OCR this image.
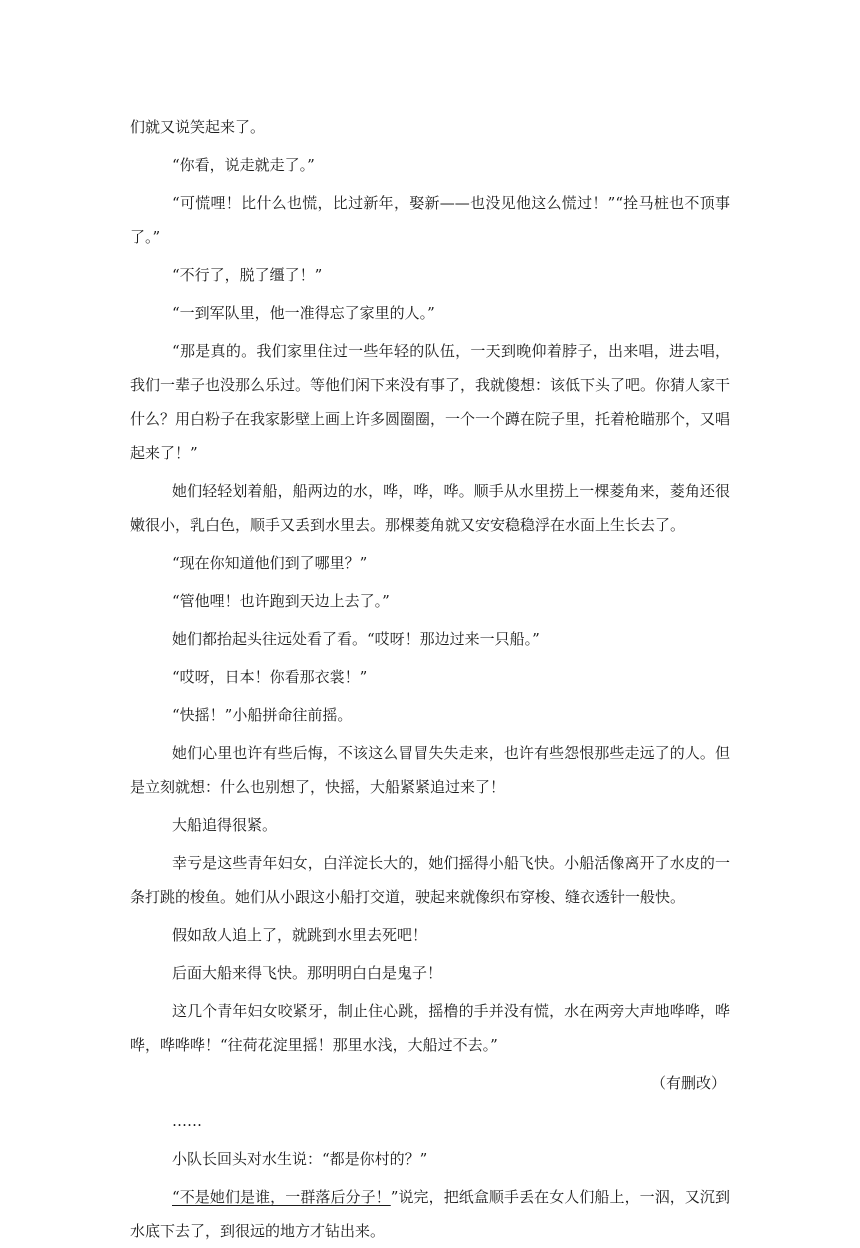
们就又说笑起来了。

“你看，说走就走了。”

“可慌哩！比什么也慌，比过新年，娶新——也没见他这么慌过！”“拴马桩也不顶事了。”

“不行了，脱了缰了！”

“一到军队里，他一准得忘了家里的人。”

“那是真的。我们家里住过一些年轻的队伍，一天到晚仰着脖子，出来唱，进去唱，我们一辈子也没那么乐过。等他们闲下来没有事了，我就傻想：该低下头了吧。你猜人家干什么？用白粉子在我家影壁上画上许多圆圈圈，一个一个蹲在院子里，托着枪瞄那个，又唱起来了！”

她们轻轻划着船，船两边的水，哗，哗，哗。顺手从水里捞上一棵菱角来，菱角还很嫩很小，乳白色，顺手又丢到水里去。那棵菱角就又安安稳稳浮在水面上生长去了。

“现在你知道他们到了哪里？”

“管他哩！也许跑到天边上去了。”

她们都抬起头往远处看了看。“哎呀！那边过来一只船。”

“哎呀，日本！你看那衣裳！”

“快摇！”小船拼命往前摇。

她们心里也许有些后悔，不该这么冒冒失失走来，也许有些怨恨那些走远了的人。但是立刻就想：什么也别想了，快摇，大船紧紧追过来了！

大船追得很紧。

幸亏是这些青年妇女，白洋淀长大的，她们摇得小船飞快。小船活像离开了水皮的一条打跳的梭鱼。她们从小跟这小船打交道，驶起来就像织布穿梭、缝衣透针一般快。

假如敌人追上了，就跳到水里去死吧！

后面大船来得飞快。那明明白白是鬼子！

这几个青年妇女咬紧牙，制止住心跳，摇橹的手并没有慌，水在两旁大声地哗哗，哗哗，哗哗哗！“往荷花淀里摇！那里水浅，大船过不去。”

（有删改）

……

小队长回头对水生说：“都是你村的？”

“不是她们是谁，一群落后分子！”说完，把纸盒顺手丢在女人们船上，一泅，又沉到水底下去了，到很远的地方才钻出来。
